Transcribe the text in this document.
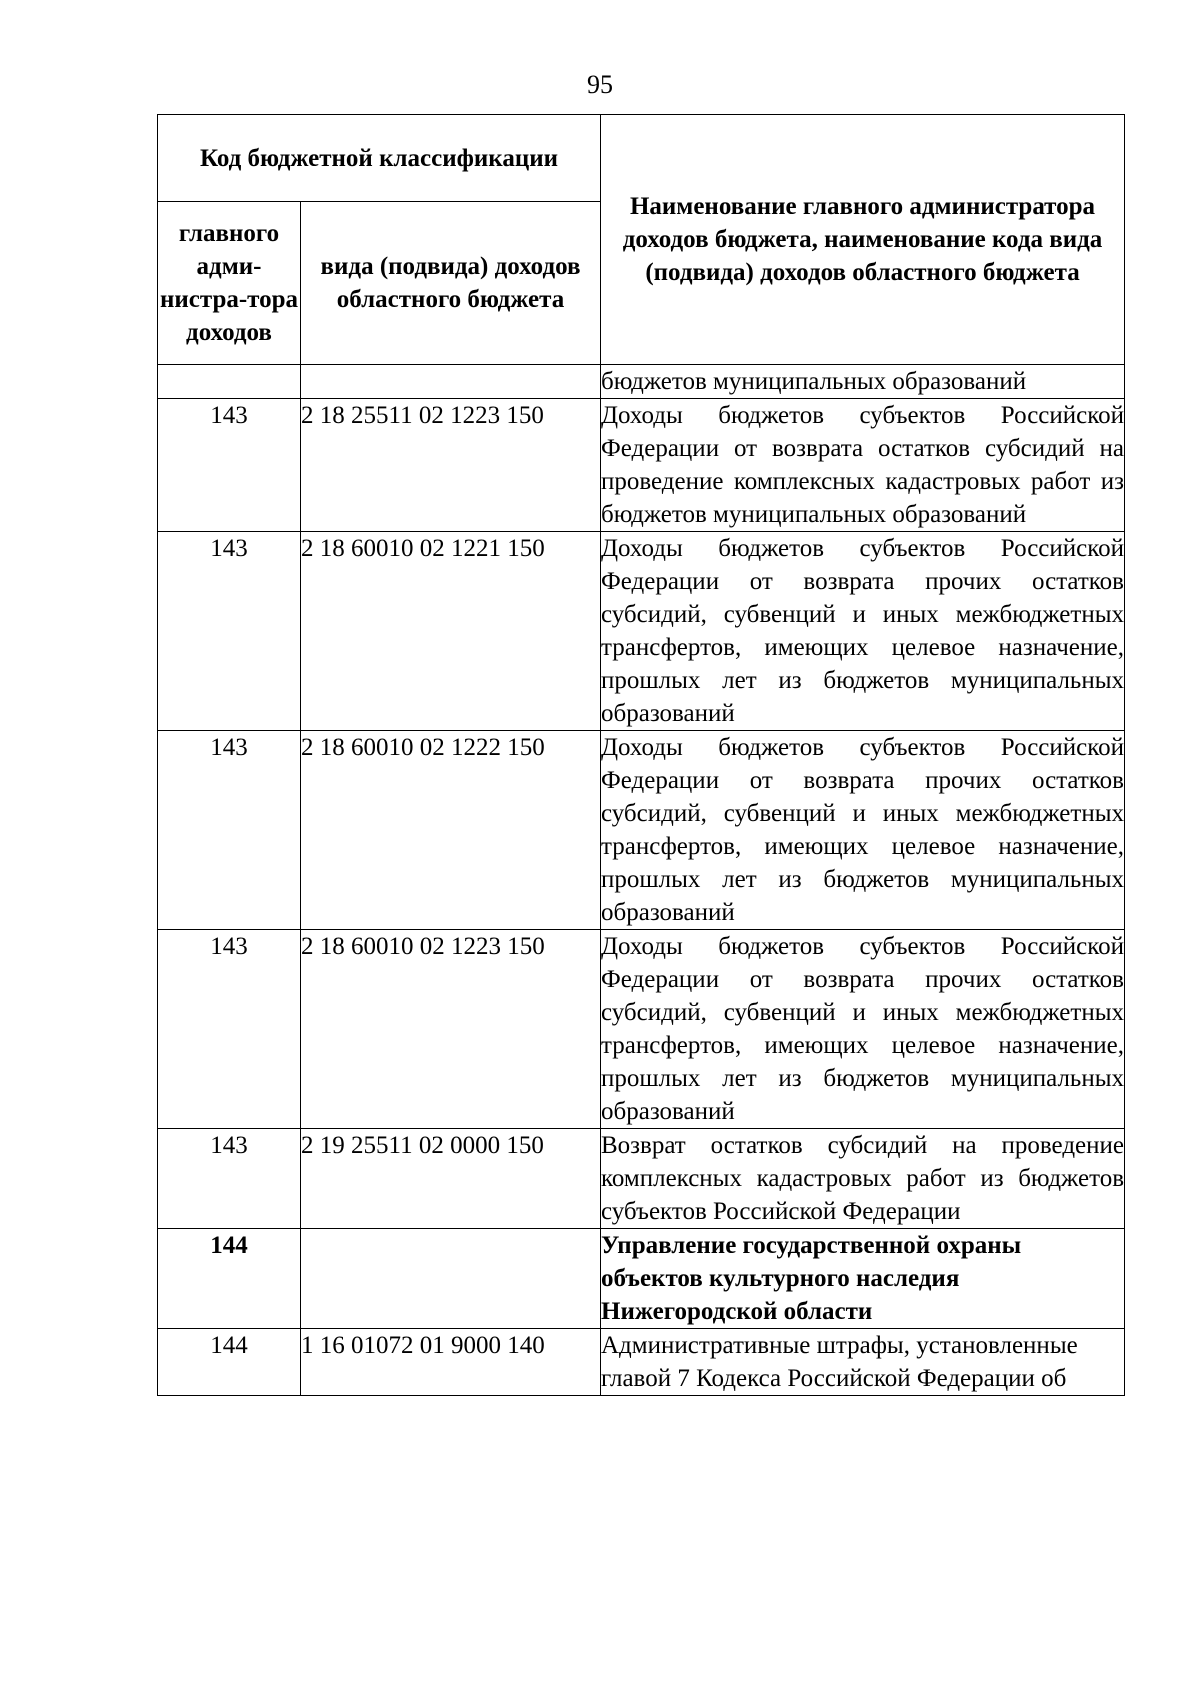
95
Код бюджетной классификации		Наименование главного администратора доходов бюджета, наименование кода вида (подвида) доходов областного бюджета
главного адми-нистра-тора доходов	вида (подвида) доходов областного бюджета	
		бюджетов муниципальных образований
143	2 18 25511 02 1223 150	Доходы бюджетов субъектов Российской Федерации от возврата остатков субсидий на проведение комплексных кадастровых работ из бюджетов муниципальных образований
143	2 18 60010 02 1221 150	Доходы бюджетов субъектов Российской Федерации от возврата прочих остатков субсидий, субвенций и иных межбюджетных трансфертов, имеющих целевое назначение, прошлых лет из бюджетов муниципальных образований
143	2 18 60010 02 1222 150	Доходы бюджетов субъектов Российской Федерации от возврата прочих остатков субсидий, субвенций и иных межбюджетных трансфертов, имеющих целевое назначение, прошлых лет из бюджетов муниципальных образований
143	2 18 60010 02 1223 150	Доходы бюджетов субъектов Российской Федерации от возврата прочих остатков субсидий, субвенций и иных межбюджетных трансфертов, имеющих целевое назначение, прошлых лет из бюджетов муниципальных образований
143	2 19 25511 02 0000 150	Возврат остатков субсидий на проведение комплексных кадастровых работ из бюджетов субъектов Российской Федерации
144		Управление государственной охраны объектов культурного наследия Нижегородской области
144	1 16 01072 01 9000 140	Административные штрафы, установленные главой 7 Кодекса Российской Федерации об
